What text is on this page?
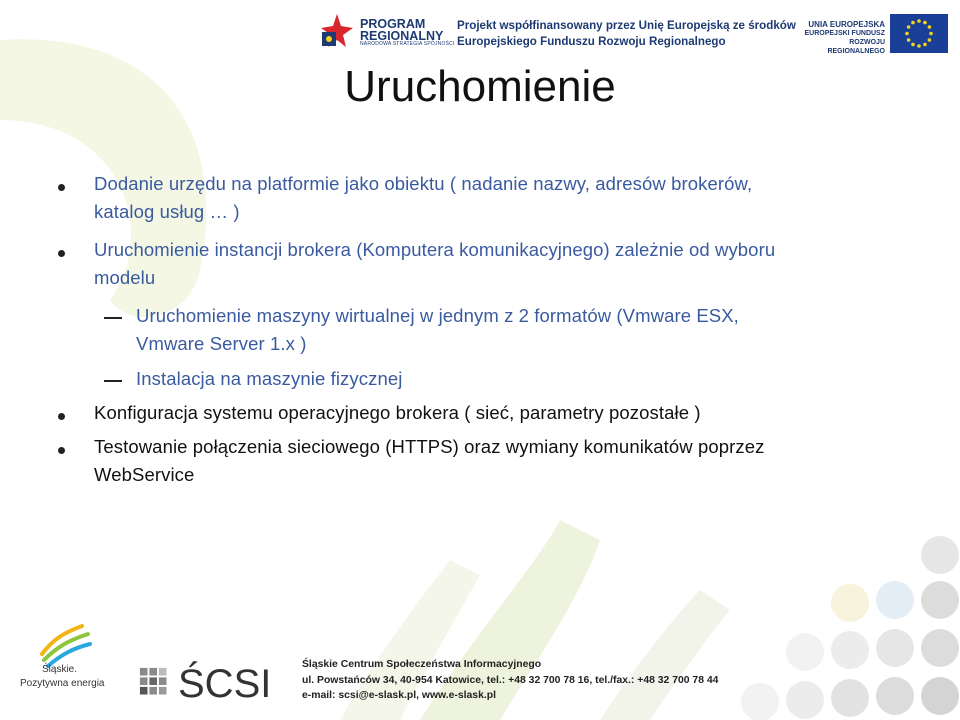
PROGRAM
REGIONALNY
NARODOWA STRATEGIA SPÓJNOŚCI
Projekt współfinansowany przez Unię Europejską ze środków
Europejskiego Funduszu Rozwoju Regionalnego
UNIA EUROPEJSKA
EUROPEJSKI FUNDUSZ
ROZWOJU REGIONALNEGO
Uruchomienie
Dodanie urzędu na platformie jako obiektu ( nadanie nazwy, adresów brokerów,
katalog usług … )
Uruchomienie instancji brokera (Komputera komunikacyjnego) zależnie od wyboru
modelu
Uruchomienie maszyny wirtualnej w jednym z 2 formatów (Vmware ESX,
Vmware Server 1.x )
Instalacja na maszynie fizycznej
Konfiguracja systemu operacyjnego brokera ( sieć, parametry pozostałe )
Testowanie połączenia sieciowego (HTTPS) oraz wymiany komunikatów poprzez
WebService
Śląskie.
Pozytywna energia ŚCSI	Śląskie Centrum Społeczeństwa Informacyjnego
ul. Powstańców 34, 40-954 Katowice, tel.: +48 32 700 78 16, tel./fax.: +48 32 700 78 44
e-mail: scsi@e-slask.pl, www.e-slask.pl
